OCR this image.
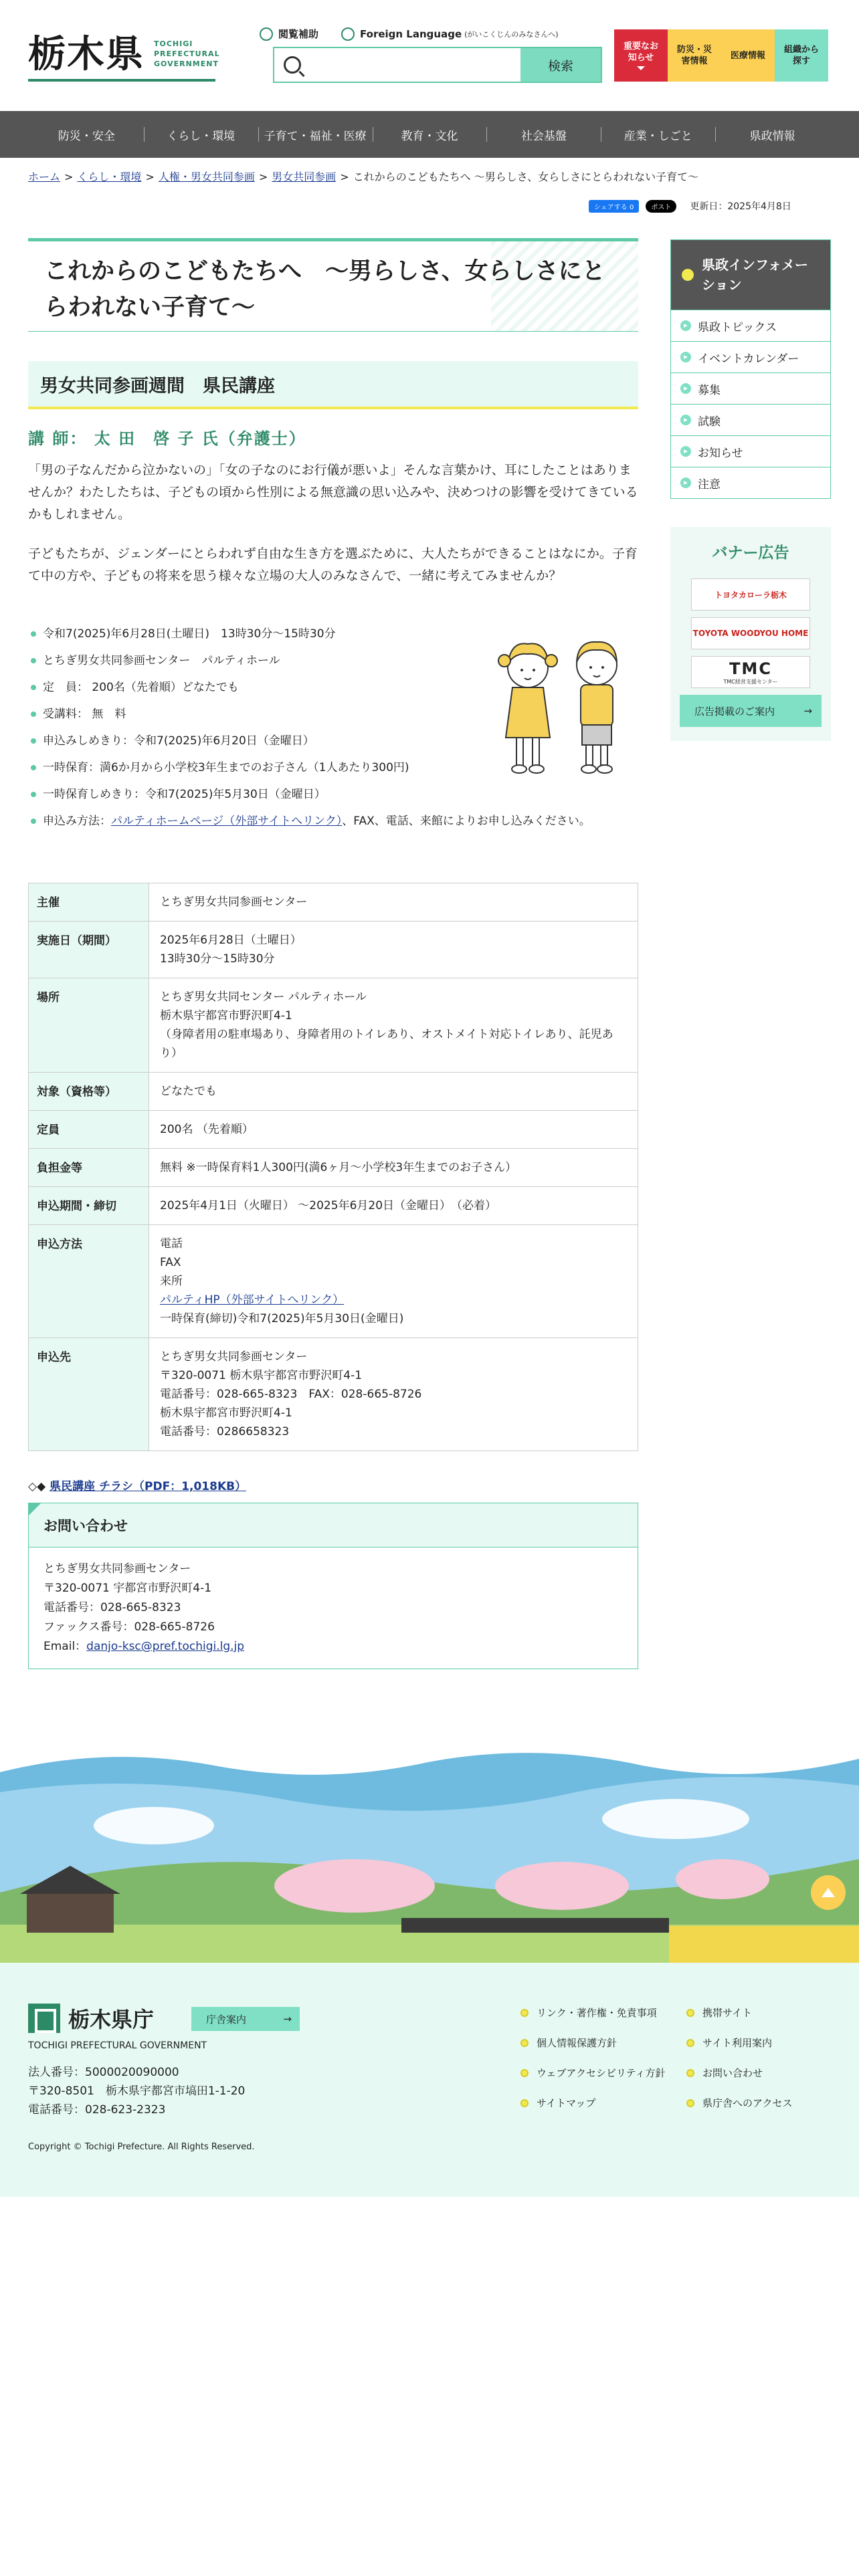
栃木県 TOCHIGI
PREFECTURAL
GOVERNMENT
閲覧補助	Foreign Language (がいこくじんのみなさんへ)
検索
重要なお知らせ
防災・災害情報
医療情報
組織から探す
防災・安全	くらし・環境	子育て・福祉・医療	教育・文化	社会基盤	産業・しごと	県政情報
ホーム > くらし・環境 > 人権・男女共同参画 > 男女共同参画 > これからのこどもたちへ 〜男らしさ、女らしさにとらわれない子育て〜
シェアする 0	ポスト	更新日：2025年4月8日
これからのこどもたちへ　〜男らしさ、女らしさにとらわれない子育て〜
男女共同参画週間　県民講座
講 師： 太 田　啓 子 氏（弁護士）

「男の子なんだから泣かないの」「女の子なのにお行儀が悪いよ」そんな言葉かけ、耳にしたことはありませんか？わたしたちは、子どもの頃から性別による無意識の思い込みや、決めつけの影響を受けてきているかもしれません。

子どもたちが、ジェンダーにとらわれず自由な生き方を選ぶために、大人たちができることはなにか。子育て中の方や、子どもの将来を思う様々な立場の大人のみなさんで、一緒に考えてみませんか？

令和7(2025)年6月28日(土曜日)　13時30分〜15時30分
とちぎ男女共同参画センター　パルティホール
定　員： 200名（先着順）どなたでも
受講料： 無　料
申込みしめきり：令和7(2025)年6月20日（金曜日）
一時保育：満6か月から小学校3年生までのお子さん（1人あたり300円)
一時保育しめきり：令和7(2025)年5月30日（金曜日）
申込み方法：パルティホームページ（外部サイトへリンク）、FAX、電話、来館によりお申し込みください。
主催	とちぎ男女共同参画センター
実施日（期間）	2025年6月28日（土曜日）
13時30分〜15時30分

場所	とちぎ男女共同センター パルティホール
栃木県宇都宮市野沢町4-1
（身障者用の駐車場あり、身障者用のトイレあり、オストメイト対応トイレあり、託児あり）

対象（資格等）	どなたでも
定員	200名 （先着順）
負担金等	無料 ※一時保育料1人300円(満6ヶ月〜小学校3年生までのお子さん）
申込期間・締切	2025年4月1日（火曜日） 〜2025年6月20日（金曜日）　（必着）
申込方法	電話
FAX
来所
パルティHP（外部サイトへリンク）
一時保育(締切)令和7(2025)年5月30日(金曜日)

申込先	とちぎ男女共同参画センター
〒320-0071 栃木県宇都宮市野沢町4-1
電話番号：028-665-8323　FAX：028-665-8726
栃木県宇都宮市野沢町4-1
電話番号：0286658323
◇◆ 県民講座 チラシ（PDF：1,018KB）
お問い合わせ
とちぎ男女共同参画センター
〒320-0071 宇都宮市野沢町4-1
電話番号：028-665-8323
ファックス番号：028-665-8726
Email：danjo-ksc@pref.tochigi.lg.jp
県政インフォメーション
県政トピックス
イベントカレンダー
募集
試験
お知らせ
注意
バナー広告
トヨタカローラ栃木
TOYOTA WOODYOU HOME
TMC
TMC経営支援センター
広告掲載のご案内	→
栃木県庁	庁舎案内	→
TOCHIGI PREFECTURAL GOVERNMENT
法人番号：5000020090000
〒320-8501　栃木県宇都宮市塙田1-1-20
電話番号：028-623-2323
Copyright © Tochigi Prefecture. All Rights Reserved.
リンク・著作権・免責事項	携帯サイト
個人情報保護方針	サイト利用案内
ウェブアクセシビリティ方針	お問い合わせ
サイトマップ	県庁舎へのアクセス
